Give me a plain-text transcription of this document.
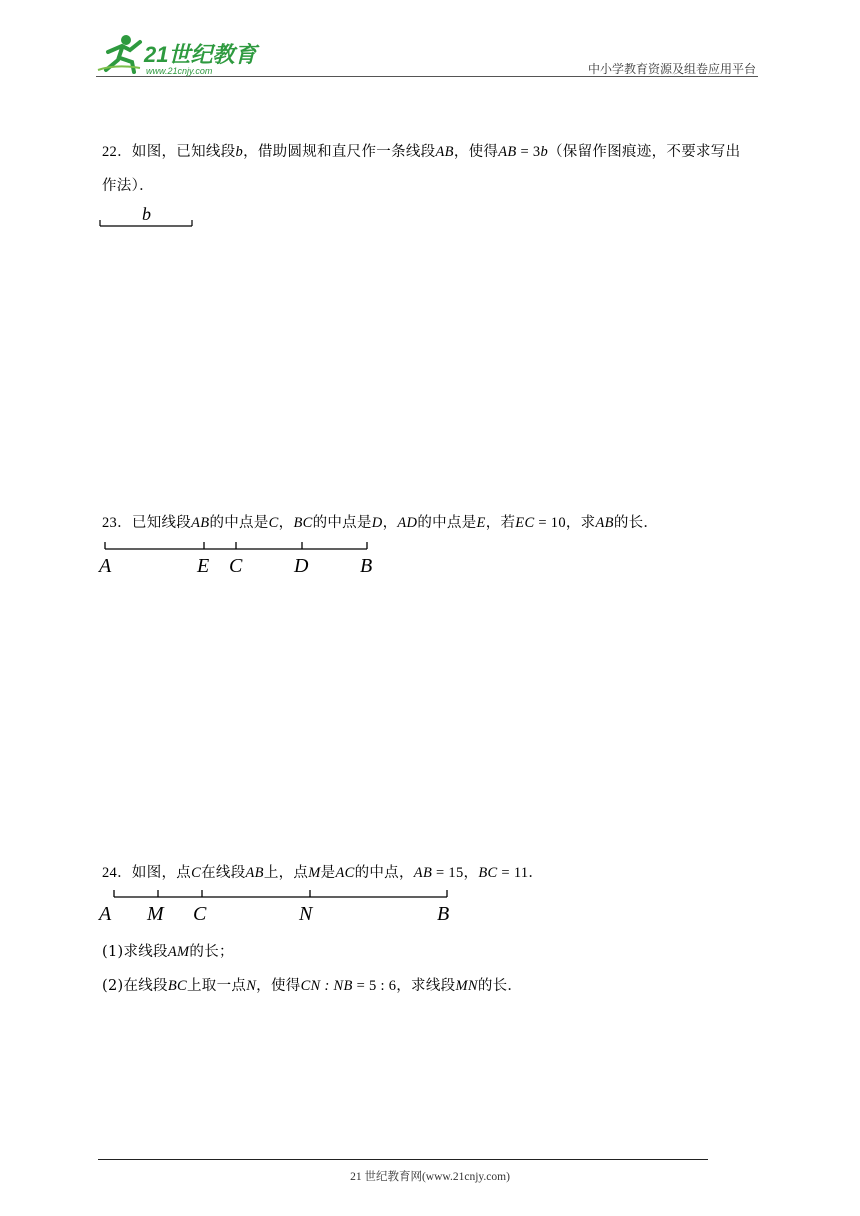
21世纪教育
www.21cnjy.com	中小学教育资源及组卷应用平台
22．如图，已知线段b，借助圆规和直尺作一条线段AB，使得AB = 3b（保留作图痕迹，不要求写出
作法）．
b
23．已知线段AB的中点是C，BC的中点是D，AD的中点是E，若EC = 10，求AB的长．
A	E C	D	B
24．如图，点C在线段AB上，点M是AC的中点，AB = 15，BC = 11．
A M C	N	B
(1)求线段AM的长；
(2)在线段BC上取一点N，使得CN : NB = 5 : 6，求线段MN的长．
21 世纪教育网(www.21cnjy.com)
